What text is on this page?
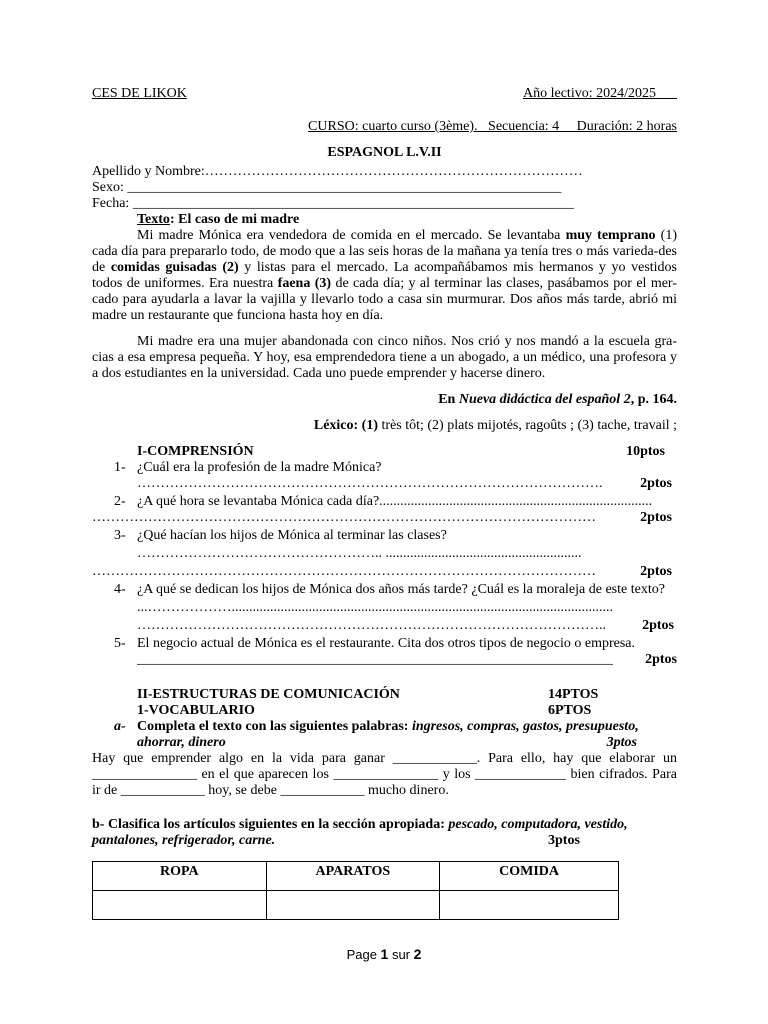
CES DE LIKOK	Año lectivo: 2024/2025
CURSO: cuarto curso (3ème).   Secuencia: 4     Duración: 2 horas
ESPAGNOL L.V.II
Apellido y Nombre:………………………………………………………………………
Sexo: ______________________________________________________________
Fecha: _______________________________________________________________
Texto: El caso de mi madre

Mi madre Mónica era vendedora de comida en el mercado. Se levantaba muy temprano (1) cada día para prepararlo todo, de modo que a las seis horas de la mañana ya tenía tres o más varieda-des de comidas guisadas (2) y listas para el mercado. La acompañábamos mis hermanos y yo vestidos todos de uniformes. Era nuestra faena (3) de cada día; y al terminar las clases, pasábamos por el mer-cado para ayudarla a lavar la vajilla y llevarlo todo a casa sin murmurar. Dos años más tarde, abrió mi madre un restaurante que funciona hasta hoy en día.

Mi madre era una mujer abandonada con cinco niños. Nos crió y nos mandó a la escuela gra-cias a esa empresa pequeña. Y hoy, esa emprendedora tiene a un abogado, a un médico, una profesora y a dos estudiantes en la universidad. Cada uno puede emprender y hacerse dinero.

En Nueva didáctica del español 2, p. 164.
Léxico: (1) très tôt; (2) plats mijotés, ragoûts ; (3) tache, travail ;
I-COMPRENSIÓN	10ptos
1- ¿Cuál era la profesión de la madre Mónica?
……………………………………………………………………………………….	2ptos
2- ¿A qué hora se levantaba Mónica cada día?..............................................................................
………………………………………………………………………………………………	2ptos
3- ¿Qué hacían los hijos de Mónica al terminar las clases?
…………………………………………….. ........................................................
………………………………………………………………………………………………	2ptos
4- ¿A qué se dedican los hijos de Mónica dos años más tarde? ¿Cuál es la moraleja de este texto?
...……………….............................................................................................................
………………………………………………………………………………………..	2ptos
5- El negocio actual de Mónica es el restaurante. Cita dos otros tipos de negocio o empresa.
____________________________________________________________________ 2ptos
II-ESTRUCTURAS DE COMUNICACIÓN	14PTOS
1-VOCABULARIO	6PTOS
a- Completa el texto con las siguientes palabras: ingresos, compras, gastos, presupuesto, ahorrar, dinero	3ptos

Hay que emprender algo en la vida para ganar ____________. Para ello, hay que elaborar un _______________ en el que aparecen los _______________ y los _____________ bien cifrados. Para ir de ____________ hoy, se debe ____________ mucho dinero.

b- Clasifica los artículos siguientes en la sección apropiada: pescado, computadora, vestido, pantalones, refrigerador, carne.	3ptos
ROPA	APARATOS	COMIDA

Page 1 sur 2
